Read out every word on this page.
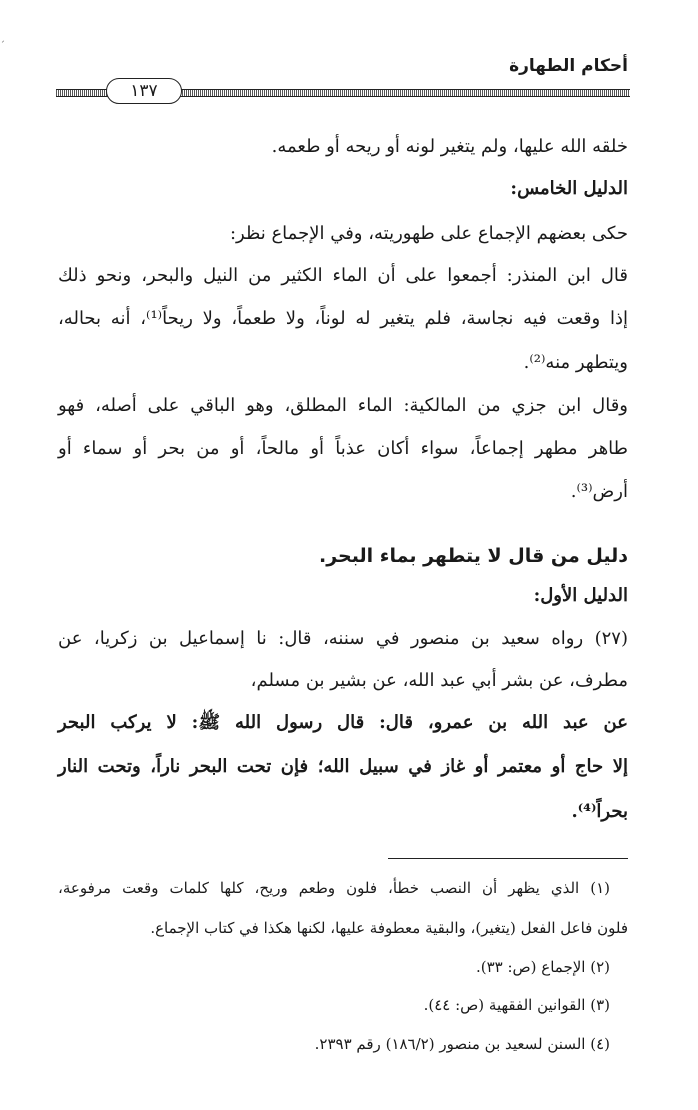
ˏ
أحكام الطهارة
١٣٧
خلقه الله عليها، ولم يتغير لونه أو ريحه أو طعمه.
الدليل الخامس:
حكى بعضهم الإجماع على طهوريته، وفي الإجماع نظر:
قال ابن المنذر: أجمعوا على أن الماء الكثير من النيل والبحر، ونحو ذلك
إذا وقعت فيه نجاسة، فلم يتغير له لوناً، ولا طعماً، ولا ريحاً⁽¹⁾، أنه بحاله،
ويتطهر منه⁽²⁾.
وقال ابن جزي من المالكية: الماء المطلق، وهو الباقي على أصله، فهو
طاهر مطهر إجماعاً، سواء أكان عذباً أو مالحاً، أو من بحر أو سماء أو
أرض⁽³⁾.
دليل من قال لا يتطهر بماء البحر.
الدليل الأول:
(٢٧) رواه سعيد بن منصور في سننه، قال: نا إسماعيل بن زكريا، عن
مطرف، عن بشر أبي عبد الله، عن بشير بن مسلم،
عن عبد الله بن عمرو، قال: قال رسول الله ﷺ: لا يركب البحر
إلا حاج أو معتمر أو غاز في سبيل الله؛ فإن تحت البحر ناراً، وتحت النار
بحراً⁽⁴⁾.
(١) الذي يظهر أن النصب خطأ، فلون وطعم وريح، كلها كلمات وقعت مرفوعة،
فلون فاعل الفعل (يتغير)، والبقية معطوفة عليها، لكنها هكذا في كتاب الإجماع.
(٢) الإجماع (ص: ٣٣).
(٣) القوانين الفقهية (ص: ٤٤).
(٤) السنن لسعيد بن منصور (١٨٦/٢) رقم ٢٣٩٣.
